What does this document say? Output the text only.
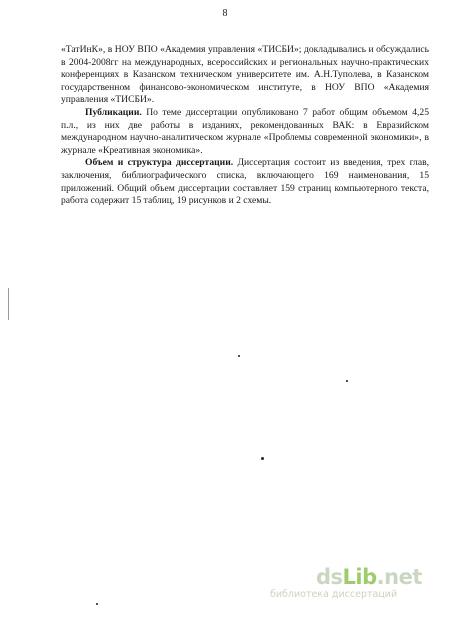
8

«ТатИнК», в НОУ ВПО «Академия управления «ТИСБИ»; докладывались и обсуждались в 2004-2008гг на международных, всероссийских и региональных научно-практических конференциях в Казанском техническом университете им. А.Н.Туполева, в Казанском государственном финансово-экономическом институте, в НОУ ВПО «Академия управления «ТИСБИ».

Публикации. По теме диссертации опубликовано 7 работ общим объемом 4,25 п.л., из них две работы в изданиях, рекомендованных ВАК: в Евразийском международном научно-аналитическом журнале «Проблемы современной экономики», в журнале «Креативная экономика».

Объем и структура диссертации. Диссертация состоит из введения, трех глав, заключения, библиографического списка, включающего 169 наименования, 15 приложений. Общий объем диссертации составляет 159 страниц компьютерного текста, работа содержит 15 таблиц, 19 рисунков и 2 схемы.

dsLib.net
библиотека диссертаций
